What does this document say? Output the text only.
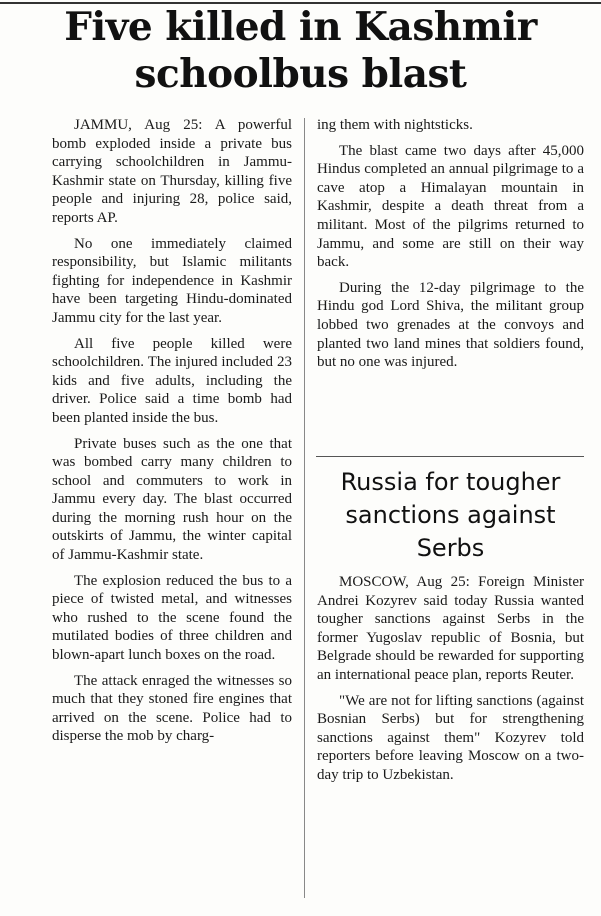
Five killed in Kashmir schoolbus blast

JAMMU, Aug 25: A powerful bomb exploded inside a private bus carrying schoolchildren in Jammu-Kashmir state on Thursday, killing five people and injuring 28, police said, reports AP.

No one immediately claimed responsibility, but Islamic militants fighting for independence in Kashmir have been targeting Hindu-dominated Jammu city for the last year.

All five people killed were schoolchildren. The injured included 23 kids and five adults, including the driver. Police said a time bomb had been planted inside the bus.

Private buses such as the one that was bombed carry many children to school and commuters to work in Jammu every day. The blast occurred during the morning rush hour on the outskirts of Jammu, the winter capital of Jammu-Kashmir state.

The explosion reduced the bus to a piece of twisted metal, and witnesses who rushed to the scene found the mutilated bodies of three children and blown-apart lunch boxes on the road.

The attack enraged the witnesses so much that they stoned fire engines that arrived on the scene. Police had to disperse the mob by charg-

ing them with nightsticks.

The blast came two days after 45,000 Hindus completed an annual pilgrimage to a cave atop a Himalayan mountain in Kashmir, despite a death threat from a militant. Most of the pilgrims returned to Jammu, and some are still on their way back.

During the 12-day pilgrimage to the Hindu god Lord Shiva, the militant group lobbed two grenades at the convoys and planted two land mines that soldiers found, but no one was injured.

Russia for tougher sanctions against Serbs

MOSCOW, Aug 25: Foreign Minister Andrei Kozyrev said today Russia wanted tougher sanctions against Serbs in the former Yugoslav republic of Bosnia, but Belgrade should be rewarded for supporting an international peace plan, reports Reuter.

"We are not for lifting sanctions (against Bosnian Serbs) but for strengthening sanctions against them" Kozyrev told reporters before leaving Moscow on a two-day trip to Uzbekistan.
